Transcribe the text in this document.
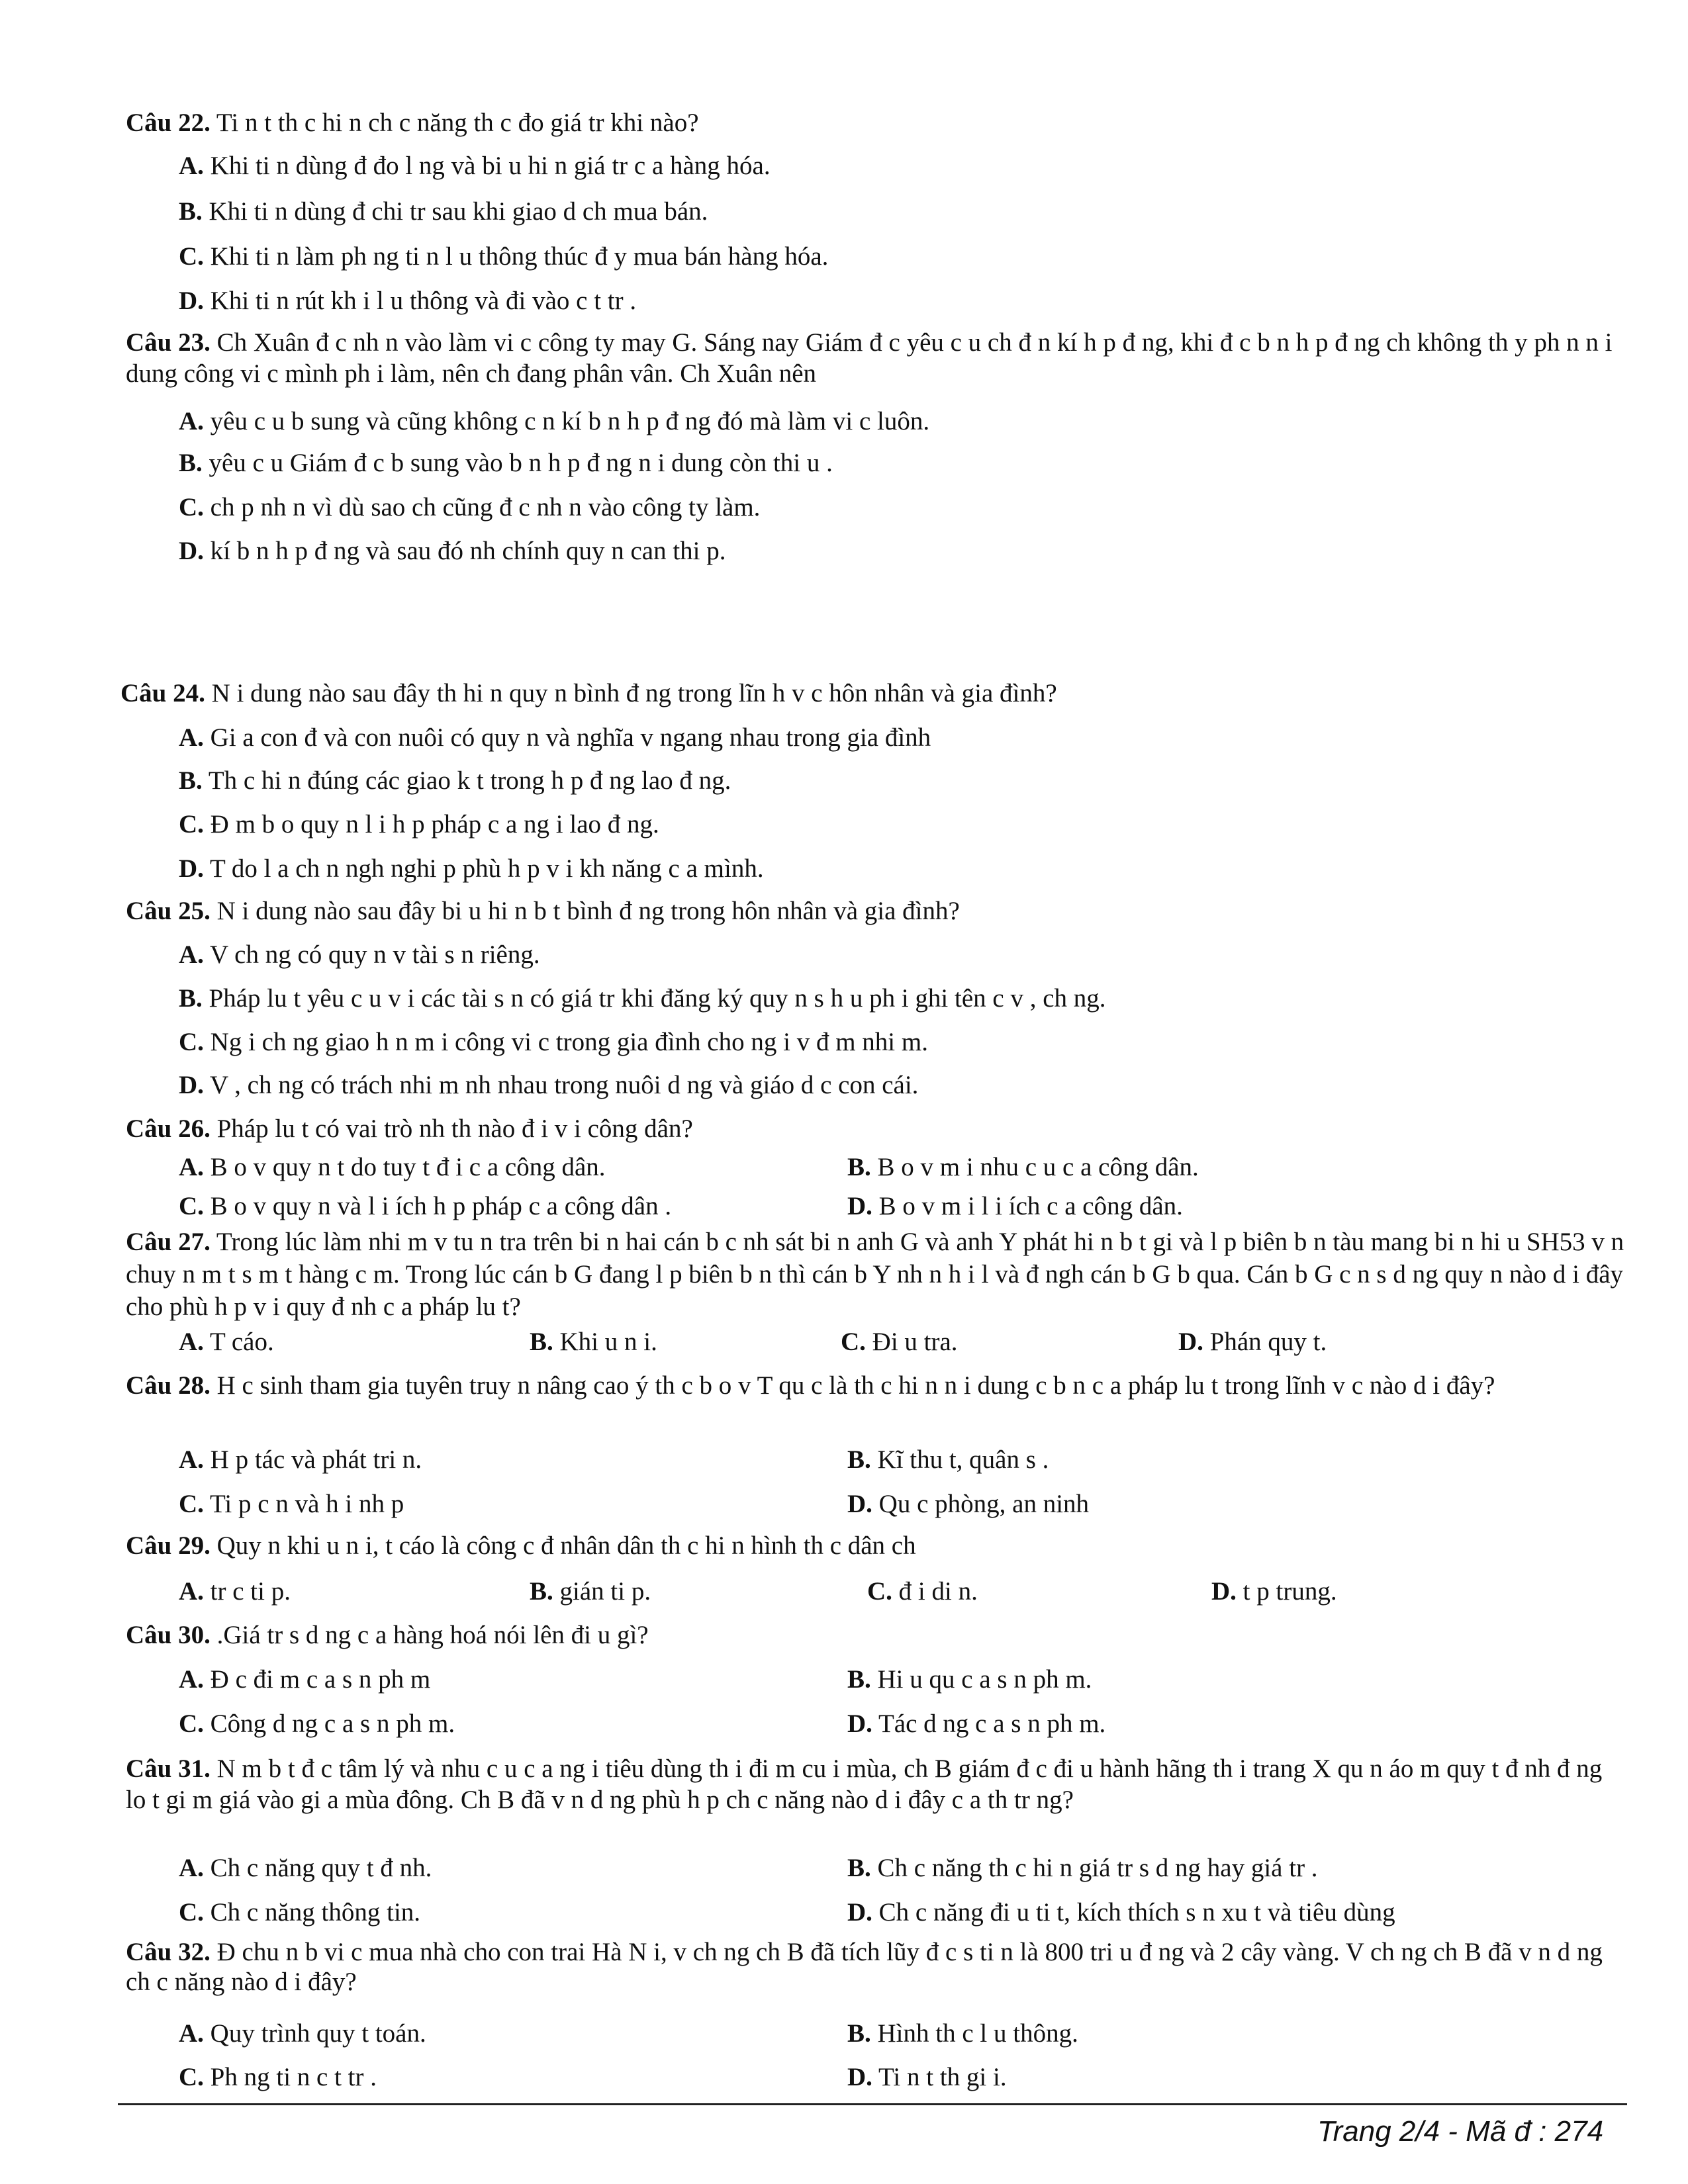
Câu 22. Ti n t th c hi n ch c năng th c đo giá tr khi nào?
A. Khi ti n dùng đ đo l ng và bi u hi n giá tr c a hàng hóa.
B. Khi ti n dùng đ chi tr sau khi giao d ch mua bán.
C. Khi ti n làm ph ng ti n l u thông thúc đ y mua bán hàng hóa.
D. Khi ti n rút kh i l u thông và đi vào c t tr .
Câu 23. Ch Xuân đ c nh n vào làm vi c công ty may G. Sáng nay Giám đ c yêu c u ch đ n kí h p đ ng, khi đ c b n h p đ ng ch không th y ph n n i dung công vi c mình ph i làm, nên ch đang phân vân. Ch Xuân nên
A. yêu c u b sung và cũng không c n kí b n h p đ ng đó mà làm vi c luôn.
B. yêu c u Giám đ c b sung vào b n h p đ ng n i dung còn thi u .
C. ch p nh n vì dù sao ch cũng đ c nh n vào công ty làm.
D. kí b n h p đ ng và sau đó nh chính quy n can thi p.
Câu 24. N i dung nào sau đây th hi n quy n bình đ ng trong lĩn h v c hôn nhân và gia đình?
A. Gi a con đ và con nuôi có quy n và nghĩa v ngang nhau trong gia đình
B. Th c hi n đúng các giao k t trong h p đ ng lao đ ng.
C. Đ m b o quy n l i h p pháp c a ng i lao đ ng.
D. T do l a ch n ngh nghi p phù h p v i kh năng c a mình.
Câu 25. N i dung nào sau đây bi u hi n b t bình đ ng trong hôn nhân và gia đình?
A. V ch ng có quy n v tài s n riêng.
B. Pháp lu t yêu c u v i các tài s n có giá tr khi đăng ký quy n s h u ph i ghi tên c v , ch ng.
C. Ng i ch ng giao h n m i công vi c trong gia đình cho ng i v đ m nhi m.
D. V , ch ng có trách nhi m nh nhau trong nuôi d ng và giáo d c con cái.
Câu 26. Pháp lu t có vai trò nh th nào đ i v i công dân?
A. B o v quy n t do tuy t đ i c a công dân.	B. B o v m i nhu c u c a công dân.
C. B o v quy n và l i ích h p pháp c a công dân .	D. B o v m i l i ích c a công dân.
Câu 27. Trong lúc làm nhi m v tu n tra trên bi n hai cán b c nh sát bi n anh G và anh Y phát hi n b t gi và l p biên b n tàu mang bi n hi u SH53 v n chuy n m t s m t hàng c m. Trong lúc cán b G đang l p biên b n thì cán b Y nh n h i l và đ ngh cán b G b qua. Cán b G c n s d ng quy n nào d i đây cho phù h p v i quy đ nh c a pháp lu t?
A. T cáo.	B. Khi u n i.	C. Đi u tra.	D. Phán quy t.
Câu 28. H c sinh tham gia tuyên truy n nâng cao ý th c b o v T qu c là th c hi n n i dung c b n c a pháp lu t trong lĩnh v c nào d i đây?
A. H p tác và phát tri n.	B. Kĩ thu t, quân s .
C. Ti p c n và h i nh p	D. Qu c phòng, an ninh
Câu 29. Quy n khi u n i, t cáo là công c đ nhân dân th c hi n hình th c dân ch
A. tr c ti p.	B. gián ti p.	C. đ i di n.	D. t p trung.
Câu 30. .Giá tr s d ng c a hàng hoá nói lên đi u gì?
A. Đ c đi m c a s n ph m	B. Hi u qu c a s n ph m.
C. Công d ng c a s n ph m.	D. Tác d ng c a s n ph m.
Câu 31. N m b t đ c tâm lý và nhu c u c a ng i tiêu dùng th i đi m cu i mùa, ch B giám đ c đi u hành hãng th i trang X qu n áo m quy t đ nh đ ng lo t gi m giá vào gi a mùa đông. Ch B đã v n d ng phù h p ch c năng nào d i đây c a th tr ng?
A. Ch c năng quy t đ nh.	B. Ch c năng th c hi n giá tr s d ng hay giá tr .
C. Ch c năng thông tin.	D. Ch c năng đi u ti t, kích thích s n xu t và tiêu dùng
Câu 32. Đ chu n b vi c mua nhà cho con trai Hà N i, v ch ng ch B đã tích lũy đ c s ti n là 800 tri u đ ng và 2 cây vàng. V ch ng ch B đã v n d ng ch c năng nào d i đây?
A. Quy trình quy t toán.	B. Hình th c l u thông.
C. Ph ng ti n c t tr .	D. Ti n t th gi i.
Trang 2/4 - Mã đ : 274
